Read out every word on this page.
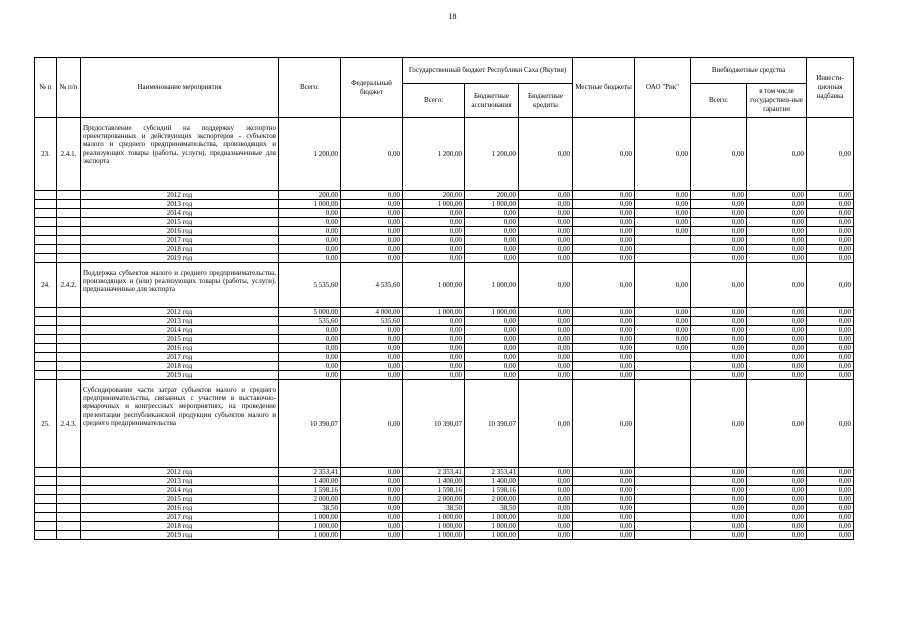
18
№ п	№ п/п	Наименование мероприятия	Всего:	Федеральный бюджет	Государственный бюджет Республики Саха (Якутия)			Местные бюджеты	ОАО "Рик"	Внебюджетные средства		Инвести-ционная надбавка
					Всего:	Бюджетные ассигнования	Бюджетные кредиты			Всего:	в том числе государствен-ные гарантии	
23.	2.4.1.	Предоставление субсидий на поддержку экспортно ориентированных и действующих экспортеров - субъектов малого и среднего предпринимательства, производящих и реализующих товары (работы, услуги), предназначенные для экспорта	1 200,00	0,00	1 200,00	1 200,00	0,00	0,00	0,00	0,00	0,00	0,00
		2012 год	200,00	0,00	200,00	200,00	0,00	0,00	0,00	0,00	0,00	0,00
		2013 год	1 000,00	0,00	1 000,00	1 000,00	0,00	0,00	0,00	0,00	0,00	0,00
		2014 год	0,00	0,00	0,00	0,00	0,00	0,00	0,00	0,00	0,00	0,00
		2015 год	0,00	0,00	0,00	0,00	0,00	0,00	0,00	0,00	0,00	0,00
		2016 год	0,00	0,00	0,00	0,00	0,00	0,00	0,00	0,00	0,00	0,00
		2017 год	0,00	0,00	0,00	0,00	0,00	0,00		0,00	0,00	0,00
		2018 год	0,00	0,00	0,00	0,00	0,00	0,00		0,00	0,00	0,00
		2019 год	0,00	0,00	0,00	0,00	0,00	0,00		0,00	0,00	0,00
24.	2.4.2.	Поддержка субъектов малого и среднего предпринимательства, производящих и (или) реализующих товары (работы, услуги), предназначенные для экспорта	5 535,60	4 535,60	1 000,00	1 000,00	0,00	0,00	0,00	0,00	0,00	0,00
		2012 год	5 000,00	4 000,00	1 000,00	1 000,00	0,00	0,00	0,00	0,00	0,00	0,00
		2013 год	535,60	535,60	0,00	0,00	0,00	0,00	0,00	0,00	0,00	0,00
		2014 год	0,00	0,00	0,00	0,00	0,00	0,00	0,00	0,00	0,00	0,00
		2015 год	0,00	0,00	0,00	0,00	0,00	0,00	0,00	0,00	0,00	0,00
		2016 год	0,00	0,00	0,00	0,00	0,00	0,00	0,00	0,00	0,00	0,00
		2017 год	0,00	0,00	0,00	0,00	0,00	0,00		0,00	0,00	0,00
		2018 год	0,00	0,00	0,00	0,00	0,00	0,00		0,00	0,00	0,00
		2019 год	0,00	0,00	0,00	0,00	0,00	0,00		0,00	0,00	0,00
25.	2.4.3.	Субсидирование части затрат субъектов малого и среднего предпринимательства, связанных с участием в выставочно-ярмарочных и конгрессных мероприятиях, на проведение презентации республиканской продукции субъектов малого и среднего предпринимательства	10 390,07	0,00	10 390,07	10 390,07	0,00	0,00		0,00	0,00	0,00
		2012 год	2 353,41	0,00	2 353,41	2 353,41	0,00	0,00		0,00	0,00	0,00
		2013 год	1 400,00	0,00	1 400,00	1 400,00	0,00	0,00		0,00	0,00	0,00
		2014 год	1 598,16	0,00	1 598,16	1 598,16	0,00	0,00		0,00	0,00	0,00
		2015 год	2 000,00	0,00	2 000,00	2 000,00	0,00	0,00		0,00	0,00	0,00
		2016 год	38,50	0,00	38,50	38,50	0,00	0,00		0,00	0,00	0,00
		2017 год	1 000,00	0,00	1 000,00	1 000,00	0,00	0,00		0,00	0,00	0,00
		2018 год	1 000,00	0,00	1 000,00	1 000,00	0,00	0,00		0,00	0,00	0,00
		2019 год	1 000,00	0,00	1 000,00	1 000,00	0,00	0,00		0,00	0,00	0,00
